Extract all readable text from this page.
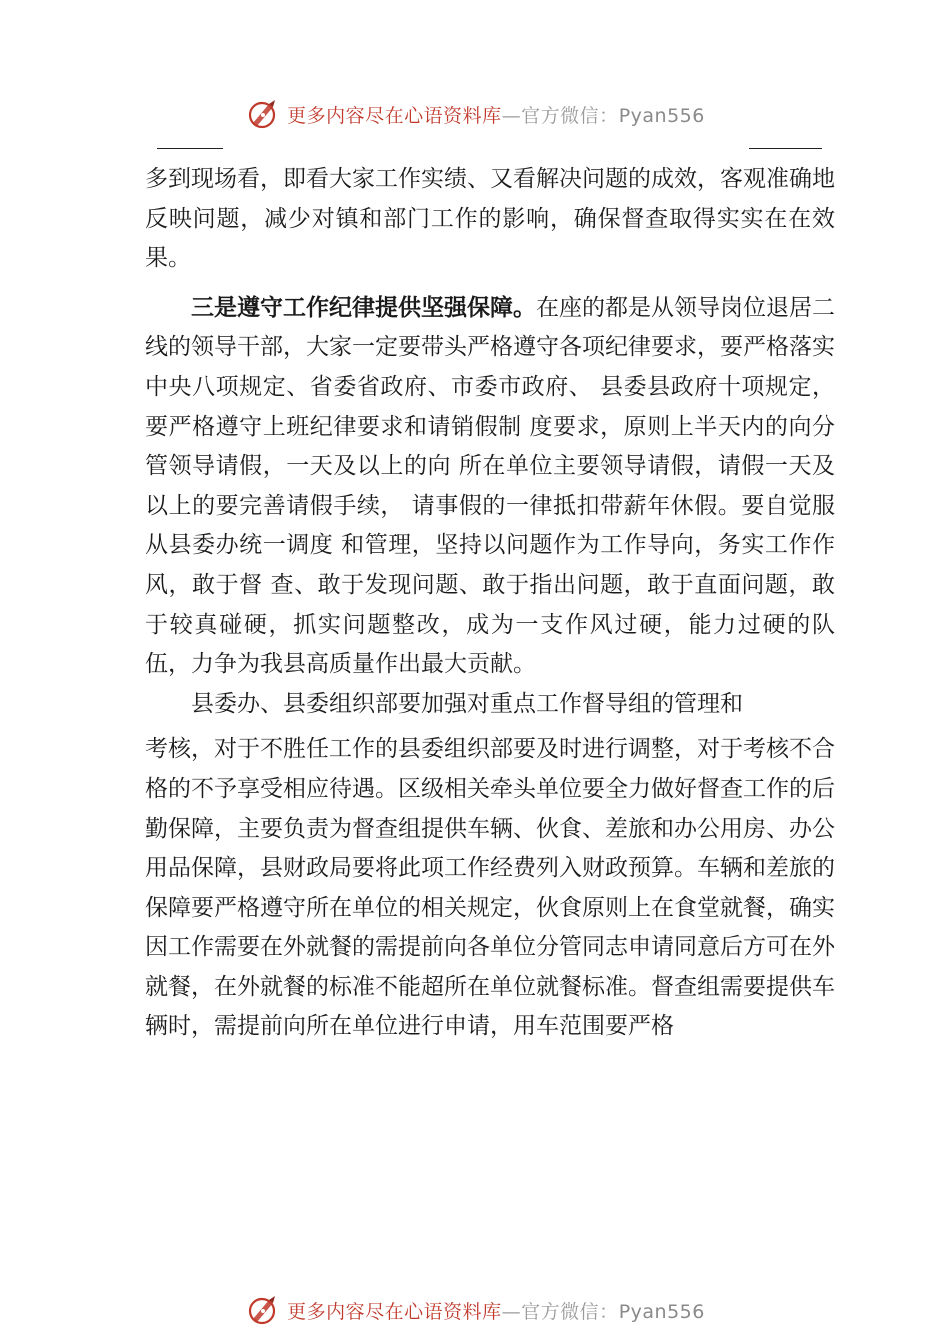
更多内容尽在心语资料库—官方微信：Pyan556

多到现场看，即看大家工作实绩、又看解决问题的成效，客观准确地反映问题，减少对镇和部门工作的影响，确保督查取得实实在在效果。

三是遵守工作纪律提供坚强保障。在座的都是从领导岗位退居二线的领导干部，大家一定要带头严格遵守各项纪律要求，要严格落实中央八项规定、省委省政府、市委市政府、 县委县政府十项规定，要严格遵守上班纪律要求和请销假制 度要求，原则上半天内的向分管领导请假，一天及以上的向 所在单位主要领导请假，请假一天及以上的要完善请假手续， 请事假的一律抵扣带薪年休假。要自觉服从县委办统一调度 和管理，坚持以问题作为工作导向，务实工作作风，敢于督 查、敢于发现问题、敢于指出问题，敢于直面问题，敢于较真碰硬，抓实问题整改，成为一支作风过硬，能力过硬的队 伍，力争为我县高质量作出最大贡献。

县委办、县委组织部要加强对重点工作督导组的管理和

考核，对于不胜任工作的县委组织部要及时进行调整，对于考核不合格的不予享受相应待遇。区级相关牵头单位要全力做好督查工作的后勤保障，主要负责为督查组提供车辆、伙食、差旅和办公用房、办公用品保障，县财政局要将此项工作经费列入财政预算。车辆和差旅的保障要严格遵守所在单位的相关规定，伙食原则上在食堂就餐，确实因工作需要在外就餐的需提前向各单位分管同志申请同意后方可在外就餐，在外就餐的标准不能超所在单位就餐标准。督查组需要提供车辆时，需提前向所在单位进行申请，用车范围要严格

更多内容尽在心语资料库—官方微信：Pyan556
